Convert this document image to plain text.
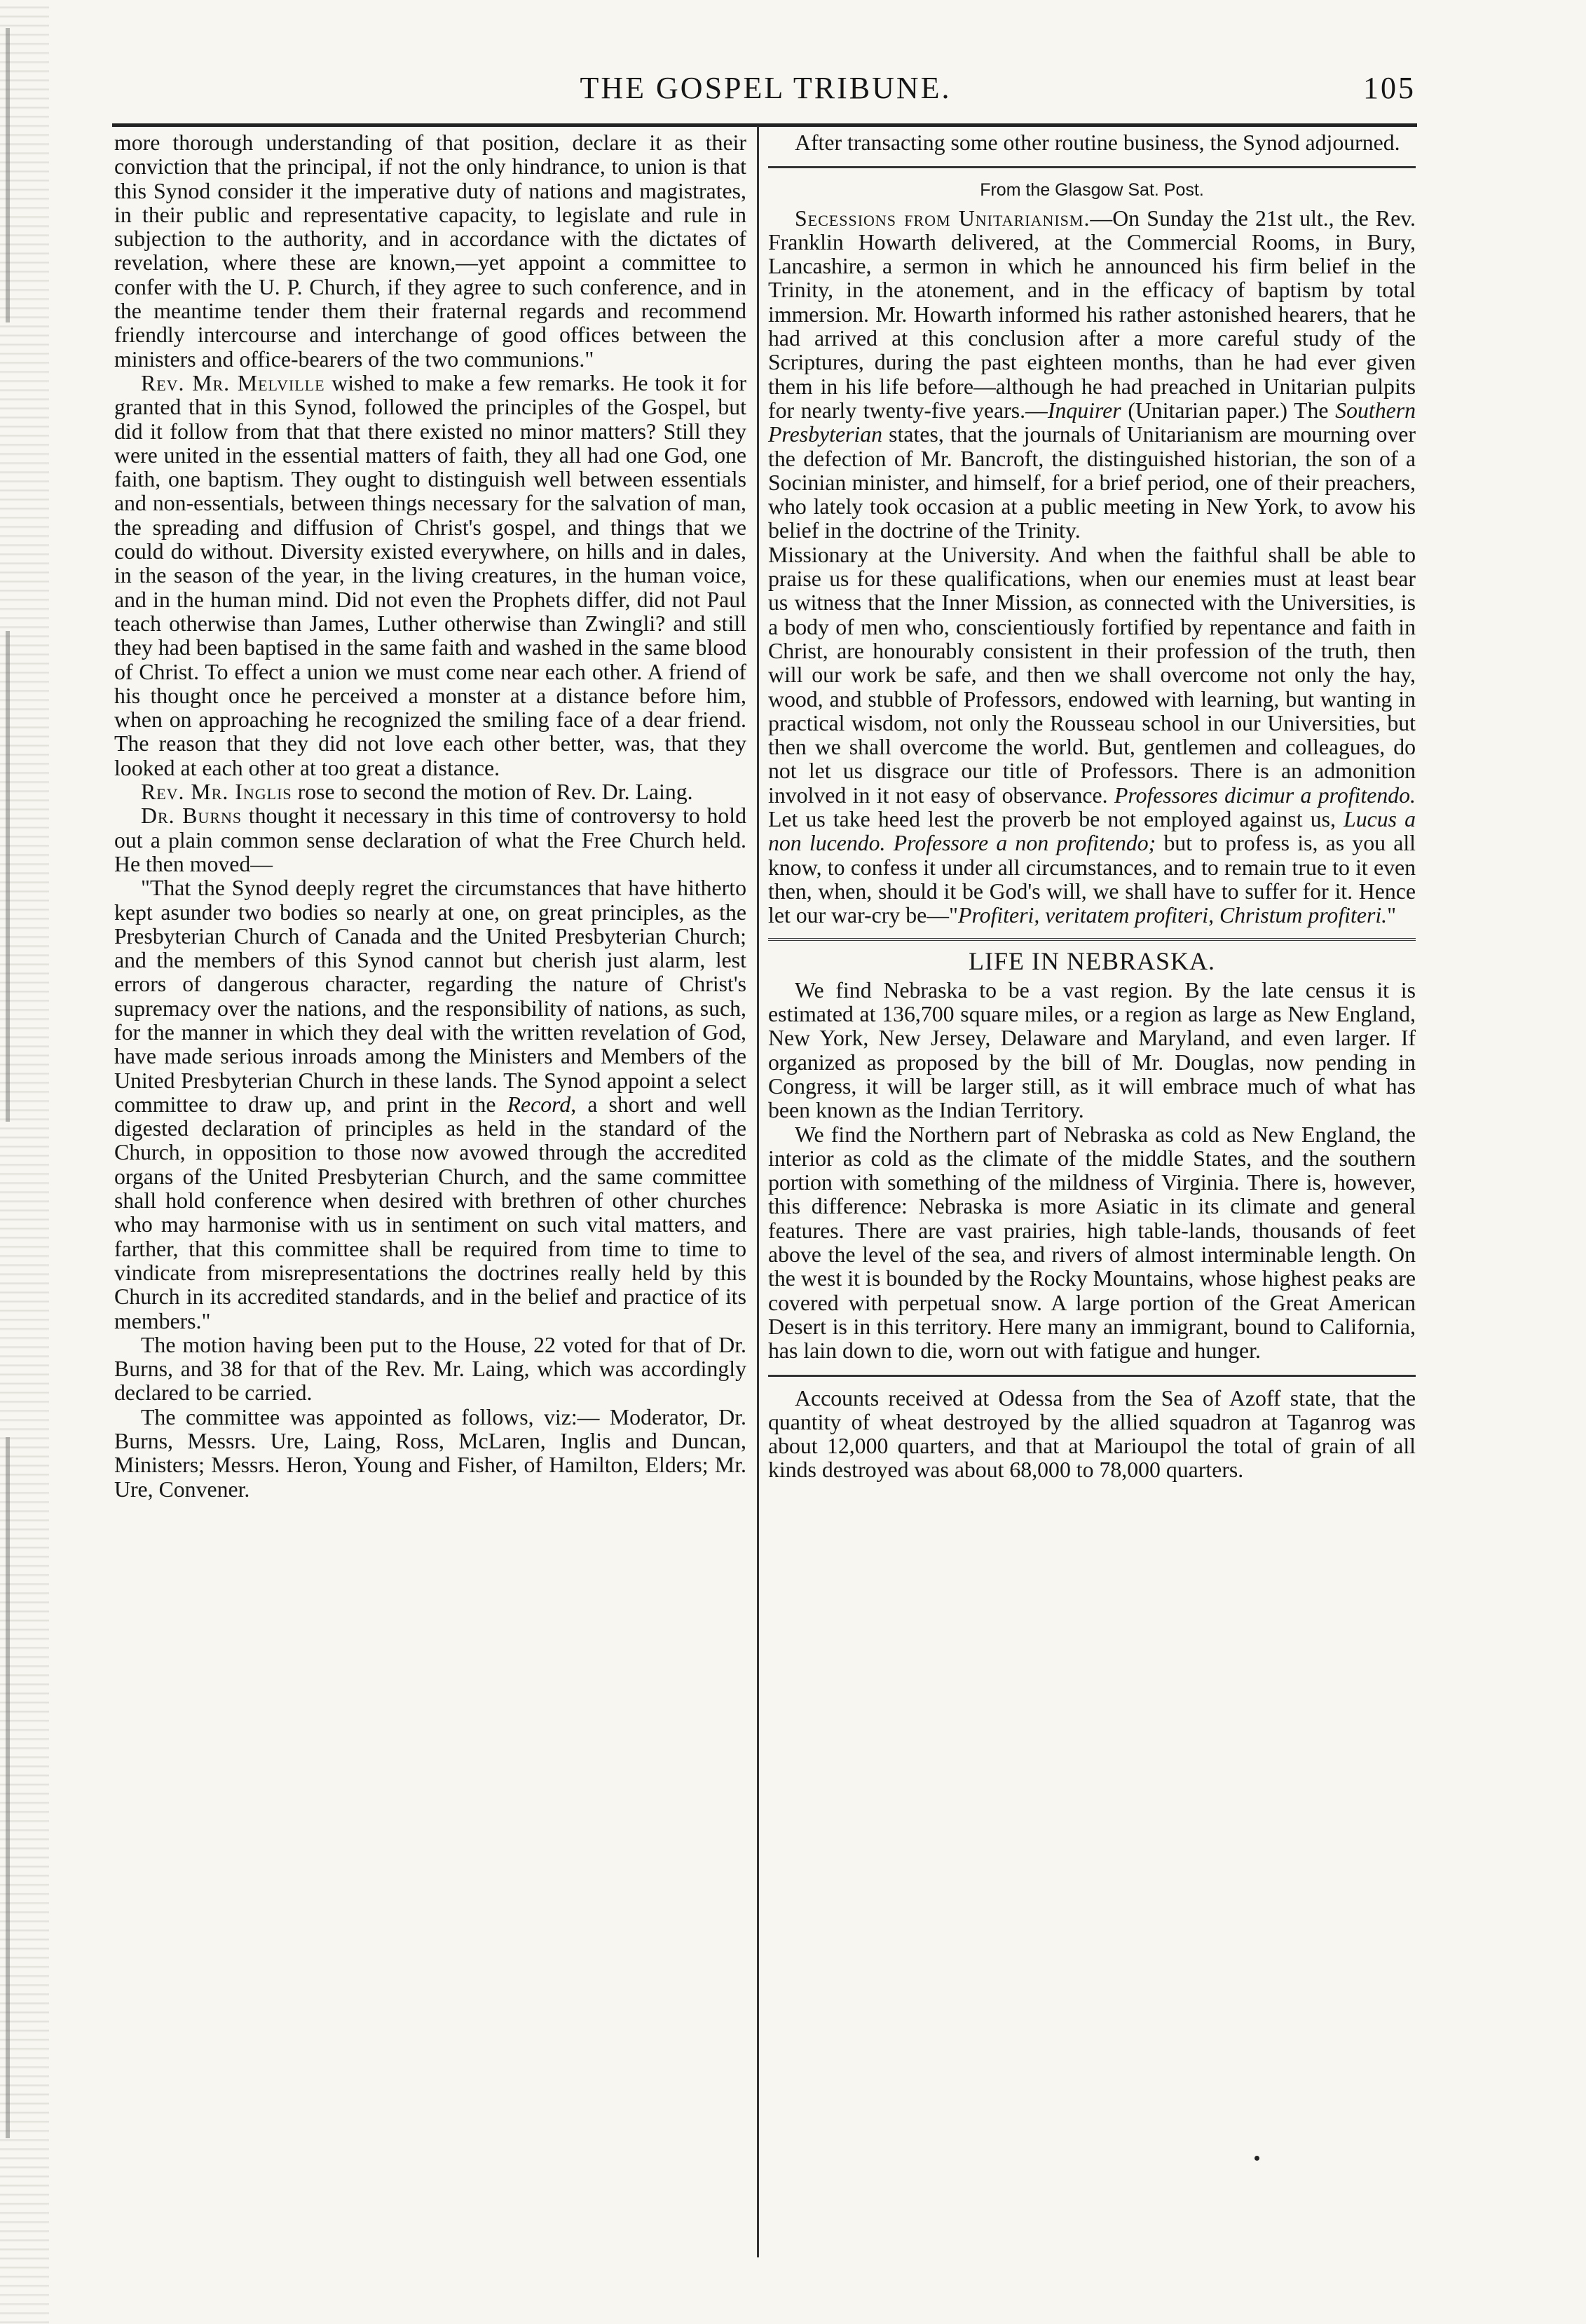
THE GOSPEL TRIBUNE.	105

more thorough understanding of that position, declare it as their conviction that the principal, if not the only hindrance, to union is that this Synod consider it the imperative duty of nations and magistrates, in their public and representative capacity, to legislate and rule in subjection to the authority, and in accordance with the dictates of revelation, where these are known,—yet appoint a committee to confer with the U. P. Church, if they agree to such conference, and in the meantime tender them their fraternal regards and recommend friendly intercourse and interchange of good offices between the ministers and office-bearers of the two communions."

Rev. Mr. Melville wished to make a few remarks. He took it for granted that in this Synod, followed the principles of the Gospel, but did it follow from that that there existed no minor matters? Still they were united in the essential matters of faith, they all had one God, one faith, one baptism. They ought to distinguish well between essentials and non-essentials, between things necessary for the salvation of man, the spreading and diffusion of Christ's gospel, and things that we could do without. Diversity existed everywhere, on hills and in dales, in the season of the year, in the living creatures, in the human voice, and in the human mind. Did not even the Prophets differ, did not Paul teach otherwise than James, Luther otherwise than Zwingli? and still they had been baptised in the same faith and washed in the same blood of Christ. To effect a union we must come near each other. A friend of his thought once he perceived a monster at a distance before him, when on approaching he recognized the smiling face of a dear friend. The reason that they did not love each other better, was, that they looked at each other at too great a distance.

Rev. Mr. Inglis rose to second the motion of Rev. Dr. Laing.

Dr. Burns thought it necessary in this time of controversy to hold out a plain common sense declaration of what the Free Church held. He then moved—

"That the Synod deeply regret the circumstances that have hitherto kept asunder two bodies so nearly at one, on great principles, as the Presbyterian Church of Canada and the United Presbyterian Church; and the members of this Synod cannot but cherish just alarm, lest errors of dangerous character, regarding the nature of Christ's supremacy over the nations, and the responsibility of nations, as such, for the manner in which they deal with the written revelation of God, have made serious inroads among the Ministers and Members of the United Presbyterian Church in these lands. The Synod appoint a select committee to draw up, and print in the Record, a short and well digested declaration of principles as held in the standard of the Church, in opposition to those now avowed through the accredited organs of the United Presbyterian Church, and the same committee shall hold conference when desired with brethren of other churches who may harmonise with us in sentiment on such vital matters, and farther, that this committee shall be required from time to time to vindicate from misrepresentations the doctrines really held by this Church in its accredited standards, and in the belief and practice of its members."

The motion having been put to the House, 22 voted for that of Dr. Burns, and 38 for that of the Rev. Mr. Laing, which was accordingly declared to be carried.

The committee was appointed as follows, viz:— Moderator, Dr. Burns, Messrs. Ure, Laing, Ross, McLaren, Inglis and Duncan, Ministers; Messrs. Heron, Young and Fisher, of Hamilton, Elders; Mr. Ure, Convener.

After transacting some other routine business, the Synod adjourned.

From the Glasgow Sat. Post.

Secessions from Unitarianism.—On Sunday the 21st ult., the Rev. Franklin Howarth delivered, at the Commercial Rooms, in Bury, Lancashire, a sermon in which he announced his firm belief in the Trinity, in the atonement, and in the efficacy of baptism by total immersion. Mr. Howarth informed his rather astonished hearers, that he had arrived at this conclusion after a more careful study of the Scriptures, during the past eighteen months, than he had ever given them in his life before—although he had preached in Unitarian pulpits for nearly twenty-five years.—Inquirer (Unitarian paper.) The Southern Presbyterian states, that the journals of Unitarianism are mourning over the defection of Mr. Bancroft, the distinguished historian, the son of a Socinian minister, and himself, for a brief period, one of their preachers, who lately took occasion at a public meeting in New York, to avow his belief in the doctrine of the Trinity.

Missionary at the University. And when the faithful shall be able to praise us for these qualifications, when our enemies must at least bear us witness that the Inner Mission, as connected with the Universities, is a body of men who, conscientiously fortified by repentance and faith in Christ, are honourably consistent in their profession of the truth, then will our work be safe, and then we shall overcome not only the hay, wood, and stubble of Professors, endowed with learning, but wanting in practical wisdom, not only the Rousseau school in our Universities, but then we shall overcome the world. But, gentlemen and colleagues, do not let us disgrace our title of Professors. There is an admonition involved in it not easy of observance. Professores dicimur a profitendo. Let us take heed lest the proverb be not employed against us, Lucus a non lucendo. Professore a non profitendo; but to profess is, as you all know, to confess it under all circumstances, and to remain true to it even then, when, should it be God's will, we shall have to suffer for it. Hence let our war-cry be—"Profiteri, veritatem profiteri, Christum profiteri."

LIFE IN NEBRASKA.

We find Nebraska to be a vast region. By the late census it is estimated at 136,700 square miles, or a region as large as New England, New York, New Jersey, Delaware and Maryland, and even larger. If organized as proposed by the bill of Mr. Douglas, now pending in Congress, it will be larger still, as it will embrace much of what has been known as the Indian Territory.

We find the Northern part of Nebraska as cold as New England, the interior as cold as the climate of the middle States, and the southern portion with something of the mildness of Virginia. There is, however, this difference: Nebraska is more Asiatic in its climate and general features. There are vast prairies, high table-lands, thousands of feet above the level of the sea, and rivers of almost interminable length. On the west it is bounded by the Rocky Mountains, whose highest peaks are covered with perpetual snow. A large portion of the Great American Desert is in this territory. Here many an immigrant, bound to California, has lain down to die, worn out with fatigue and hunger.

Accounts received at Odessa from the Sea of Azoff state, that the quantity of wheat destroyed by the allied squadron at Taganrog was about 12,000 quarters, and that at Marioupol the total of grain of all kinds destroyed was about 68,000 to 78,000 quarters.
